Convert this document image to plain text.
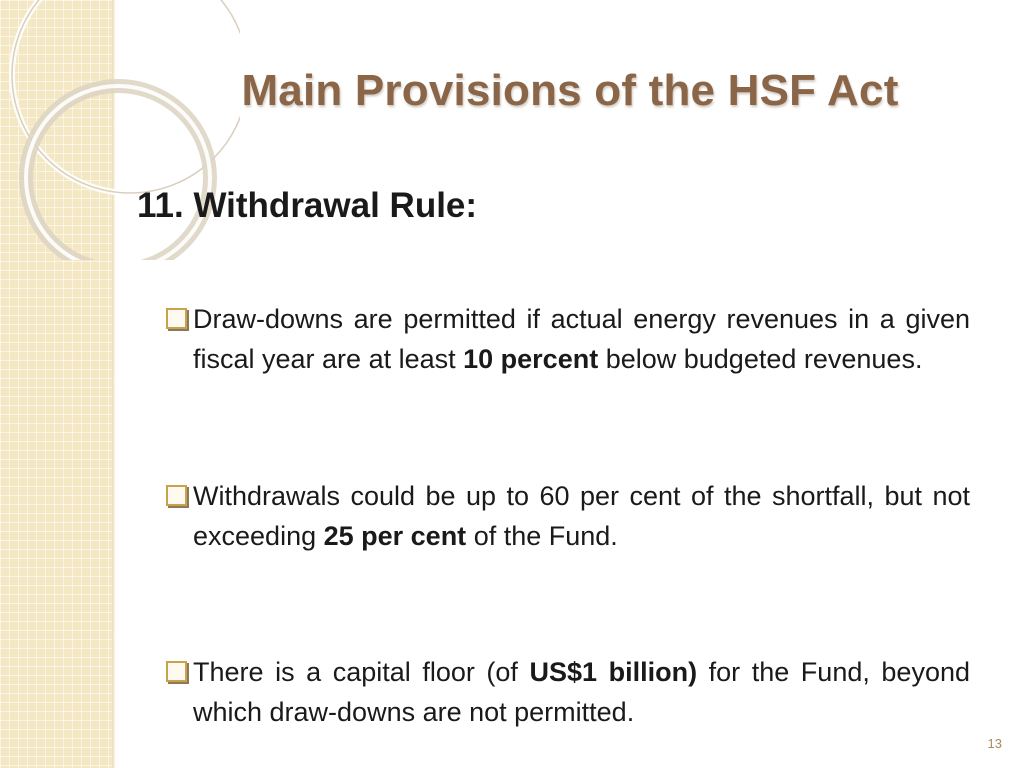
Main Provisions of the HSF Act
11. Withdrawal Rule:

Draw-downs are permitted if actual energy revenues in a given fiscal year are at least 10 percent below budgeted revenues.

Withdrawals could be up to 60 per cent of the shortfall, but not exceeding 25 per cent of the Fund.

There is a capital floor (of US$1 billion) for the Fund, beyond which draw-downs are not permitted.

13
